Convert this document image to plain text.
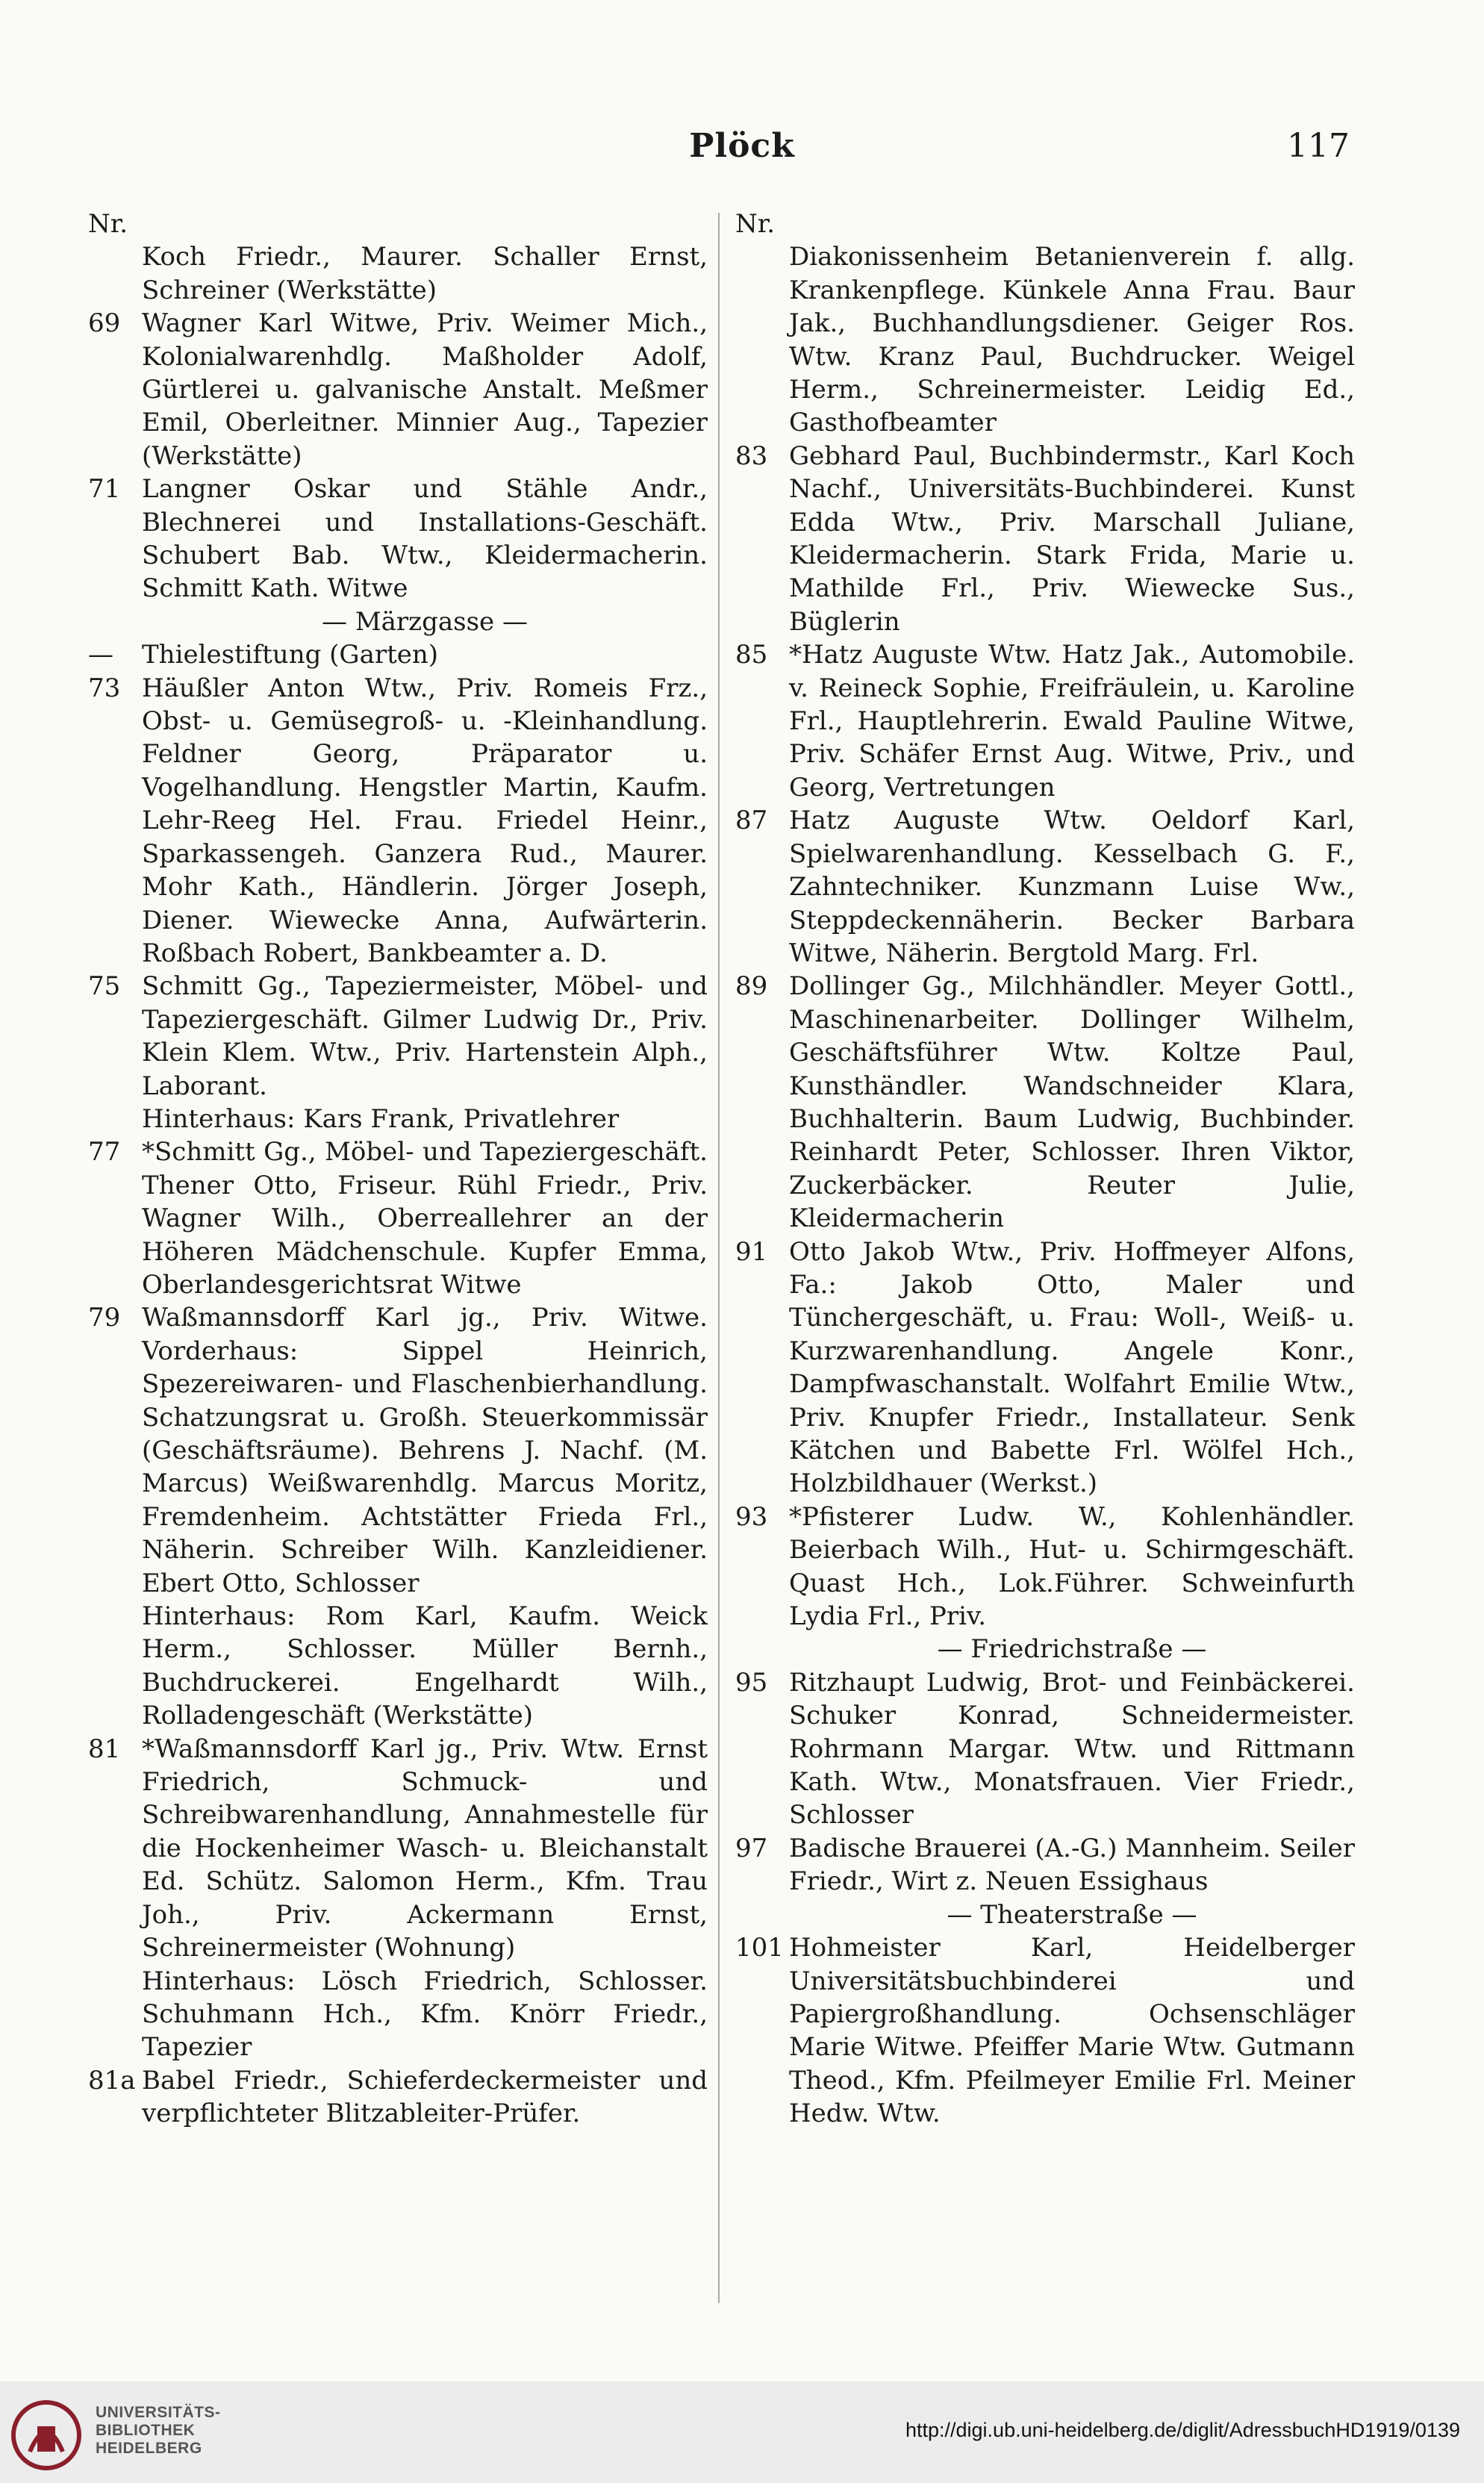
Plöck	117
Nr.
Koch Friedr., Maurer. Schaller Ernst, Schreiner (Werkstätte)
69 Wagner Karl Witwe, Priv. Weimer Mich., Kolonialwarenhdlg. Maßholder Adolf, Gürtlerei u. galvanische Anstalt. Meßmer Emil, Oberleitner. Minnier Aug., Tapezier (Werkstätte)
71 Langner Oskar und Stähle Andr., Blechnerei und Installations-Geschäft. Schubert Bab. Wtw., Kleidermacherin. Schmitt Kath. Witwe
— Märzgasse —
—	Thielestiftung (Garten)
73 Häußler Anton Wtw., Priv. Romeis Frz., Obst- u. Gemüsegroß- u. -Kleinhandlung. Feldner Georg, Präparator u. Vogelhandlung. Hengstler Martin, Kaufm. Lehr-Reeg Hel. Frau. Friedel Heinr., Sparkassengeh. Ganzera Rud., Maurer. Mohr Kath., Händlerin. Jörger Joseph, Diener. Wiewecke Anna, Aufwärterin. Roßbach Robert, Bankbeamter a. D.
75 Schmitt Gg., Tapeziermeister, Möbel- und Tapeziergeschäft. Gilmer Ludwig Dr., Priv. Klein Klem. Wtw., Priv. Hartenstein Alph., Laborant.
Hinterhaus: Kars Frank, Privatlehrer
77 *Schmitt Gg., Möbel- und Tapeziergeschäft. Thener Otto, Friseur. Rühl Friedr., Priv. Wagner Wilh., Oberreallehrer an der Höheren Mädchenschule. Kupfer Emma, Oberlandesgerichtsrat Witwe
79 Waßmannsdorff Karl jg., Priv. Witwe. Vorderhaus: Sippel Heinrich, Spezereiwaren- und Flaschenbierhandlung. Schatzungsrat u. Großh. Steuerkommissär (Geschäftsräume). Behrens J. Nachf. (M. Marcus) Weißwarenhdlg. Marcus Moritz, Fremdenheim. Achtstätter Frieda Frl., Näherin. Schreiber Wilh. Kanzleidiener. Ebert Otto, Schlosser
Hinterhaus: Rom Karl, Kaufm. Weick Herm., Schlosser. Müller Bernh., Buchdruckerei. Engelhardt Wilh., Rolladengeschäft (Werkstätte)
81 *Waßmannsdorff Karl jg., Priv. Wtw. Ernst Friedrich, Schmuck- und Schreibwarenhandlung, Annahmestelle für die Hockenheimer Wasch- u. Bleichanstalt Ed. Schütz. Salomon Herm., Kfm. Trau Joh., Priv. Ackermann Ernst, Schreinermeister (Wohnung)
Hinterhaus: Lösch Friedrich, Schlosser. Schuhmann Hch., Kfm. Knörr Friedr., Tapezier
81a Babel Friedr., Schieferdeckermeister und verpflichteter Blitzableiter-Prüfer.
Nr.
Diakonissenheim Betanienverein f. allg. Krankenpflege. Künkele Anna Frau. Baur Jak., Buchhandlungsdiener. Geiger Ros. Wtw. Kranz Paul, Buchdrucker. Weigel Herm., Schreinermeister. Leidig Ed., Gasthofbeamter
83 Gebhard Paul, Buchbindermstr., Karl Koch Nachf., Universitäts-Buchbinderei. Kunst Edda Wtw., Priv. Marschall Juliane, Kleidermacherin. Stark Frida, Marie u. Mathilde Frl., Priv. Wiewecke Sus., Büglerin
85 *Hatz Auguste Wtw. Hatz Jak., Automobile. v. Reineck Sophie, Freifräulein, u. Karoline Frl., Hauptlehrerin. Ewald Pauline Witwe, Priv. Schäfer Ernst Aug. Witwe, Priv., und Georg, Vertretungen
87 Hatz Auguste Wtw. Oeldorf Karl, Spielwarenhandlung. Kesselbach G. F., Zahntechniker. Kunzmann Luise Ww., Steppdeckennäherin. Becker Barbara Witwe, Näherin. Bergtold Marg. Frl.
89 Dollinger Gg., Milchhändler. Meyer Gottl., Maschinenarbeiter. Dollinger Wilhelm, Geschäftsführer Wtw. Koltze Paul, Kunsthändler. Wandschneider Klara, Buchhalterin. Baum Ludwig, Buchbinder. Reinhardt Peter, Schlosser. Ihren Viktor, Zuckerbäcker. Reuter Julie, Kleidermacherin
91 Otto Jakob Wtw., Priv. Hoffmeyer Alfons, Fa.: Jakob Otto, Maler und Tünchergeschäft, u. Frau: Woll-, Weiß- u. Kurzwarenhandlung. Angele Konr., Dampfwaschanstalt. Wolfahrt Emilie Wtw., Priv. Knupfer Friedr., Installateur. Senk Kätchen und Babette Frl. Wölfel Hch., Holzbildhauer (Werkst.)
93 *Pfisterer Ludw. W., Kohlenhändler. Beierbach Wilh., Hut- u. Schirmgeschäft. Quast Hch., Lok.Führer. Schweinfurth Lydia Frl., Priv.
— Friedrichstraße —
95 Ritzhaupt Ludwig, Brot- und Feinbäckerei. Schuker Konrad, Schneidermeister. Rohrmann Margar. Wtw. und Rittmann Kath. Wtw., Monatsfrauen. Vier Friedr., Schlosser
97 Badische Brauerei (A.-G.) Mannheim. Seiler Friedr., Wirt z. Neuen Essighaus
— Theaterstraße —
101 Hohmeister Karl, Heidelberger Universitätsbuchbinderei und Papiergroßhandlung. Ochsenschläger Marie Witwe. Pfeiffer Marie Wtw. Gutmann Theod., Kfm. Pfeilmeyer Emilie Frl. Meiner Hedw. Wtw.
UNIVERSITÄTS-
BIBLIOTHEK
HEIDELBERG
http://digi.ub.uni-heidelberg.de/diglit/AdressbuchHD1919/0139
